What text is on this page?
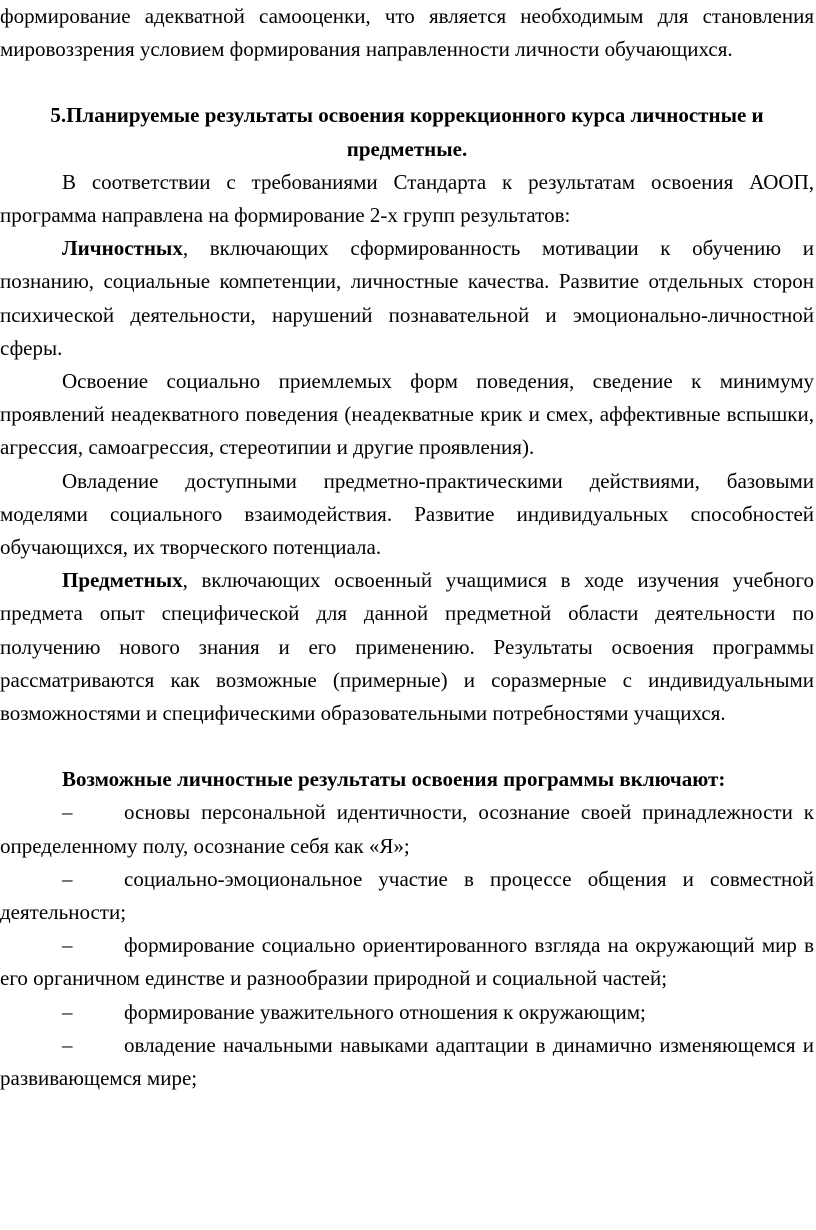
формирование адекватной самооценки, что является необходимым для становления мировоззрения условием формирования направленности личности обучающихся.

5.Планируемые результаты освоения коррекционного курса личностные и предметные.

В соответствии с требованиями Стандарта к результатам освоения АООП, программа направлена на формирование 2-х групп результатов:

Личностных, включающих сформированность мотивации к обучению и познанию, социальные компетенции, личностные качества. Развитие отдельных сторон психической деятельности, нарушений познавательной и эмоционально-личностной сферы.

Освоение социально приемлемых форм поведения, сведение к минимуму проявлений неадекватного поведения (неадекватные крик и смех, аффективные вспышки, агрессия, самоагрессия, стереотипии и другие проявления).

Овладение доступными предметно-практическими действиями, базовыми моделями социального взаимодействия. Развитие индивидуальных способностей обучающихся, их творческого потенциала.

Предметных, включающих освоенный учащимися в ходе изучения учебного предмета опыт специфической для данной предметной области деятельности по получению нового знания и его применению. Результаты освоения программы рассматриваются как возможные (примерные) и соразмерные с индивидуальными возможностями и специфическими образовательными потребностями учащихся.

Возможные личностные результаты освоения программы включают:

– основы персональной идентичности, осознание своей принадлежности к определенному полу, осознание себя как «Я»;

– социально-эмоциональное участие в процессе общения и совместной деятельности;

– формирование социально ориентированного взгляда на окружающий мир в его органичном единстве и разнообразии природной и социальной частей;

– формирование уважительного отношения к окружающим;

– овладение начальными навыками адаптации в динамично изменяющемся и развивающемся мире;
